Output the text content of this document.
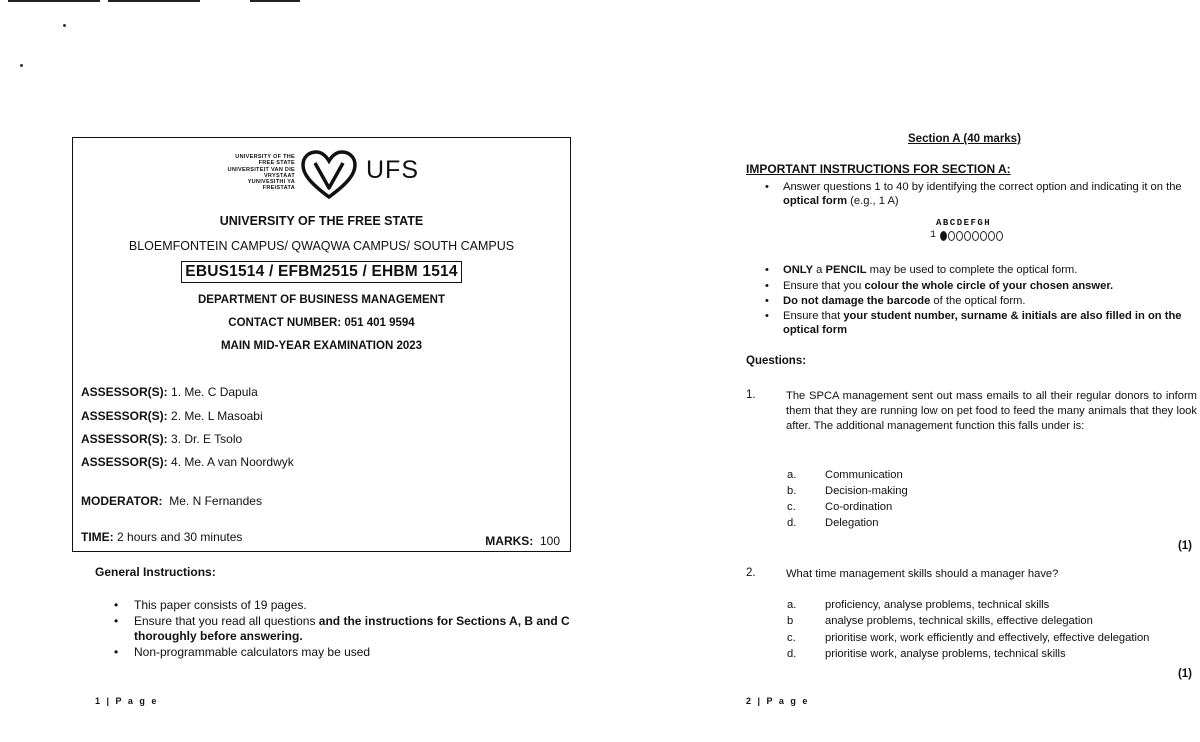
UNIVERSITY OF THE
FREE STATE
UNIVERSITEIT VAN DIE
VRYSTAAT
YUNIVESITHI YA
FREISTATA
UFS
UNIVERSITY OF THE FREE STATE
BLOEMFONTEIN CAMPUS/ QWAQWA CAMPUS/ SOUTH CAMPUS
EBUS1514 / EFBM2515 / EHBM 1514
DEPARTMENT OF BUSINESS MANAGEMENT
CONTACT NUMBER: 051 401 9594
MAIN MID-YEAR EXAMINATION 2023
ASSESSOR(S): 1. Me. C Dapula
ASSESSOR(S): 2. Me. L Masoabi
ASSESSOR(S): 3. Dr. E Tsolo
ASSESSOR(S): 4. Me. A van Noordwyk
MODERATOR: Me. N Fernandes
TIME: 2 hours and 30 minutes	MARKS: 100
General Instructions:
• This paper consists of 19 pages.
• Ensure that you read all questions and the instructions for Sections A, B and C thoroughly before answering.
• Non-programmable calculators may be used
1 | P a g e
Section A (40 marks)
IMPORTANT INSTRUCTIONS FOR SECTION A:
• Answer questions 1 to 40 by identifying the correct option and indicating it on the optical form (e.g., 1 A)
ABCDEFGH
1
• ONLY a PENCIL may be used to complete the optical form.
• Ensure that you colour the whole circle of your chosen answer.
• Do not damage the barcode of the optical form.
• Ensure that your student number, surname & initials are also filled in on the optical form
Questions:
1.	The SPCA management sent out mass emails to all their regular donors to inform them that they are running low on pet food to feed the many animals that they look after. The additional management function this falls under is:
a.	Communication
b.	Decision-making
c.	Co-ordination
d.	Delegation
(1)
2.	What time management skills should a manager have?
a.	proficiency, analyse problems, technical skills
b	analyse problems, technical skills, effective delegation
c.	prioritise work, work efficiently and effectively, effective delegation
d.	prioritise work, analyse problems, technical skills
(1)
2 | P a g e
